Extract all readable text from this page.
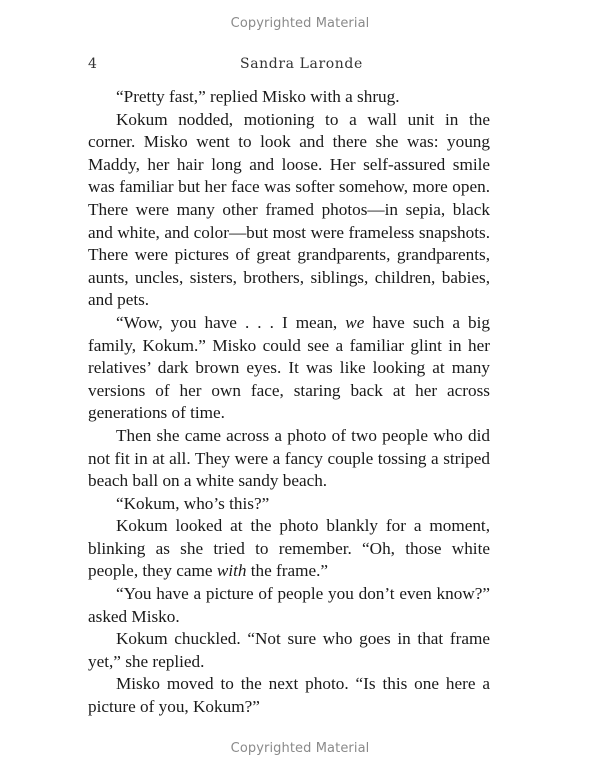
Copyrighted Material
4	Sandra Laronde

“Pretty fast,” replied Misko with a shrug.

Kokum nodded, motioning to a wall unit in the corner. Misko went to look and there she was: young Maddy, her hair long and loose. Her self-assured smile was familiar but her face was softer somehow, more open. There were many other framed photos—in sepia, black and white, and color—but most were frameless snapshots. There were pictures of great grandparents, grandparents, aunts, uncles, sisters, brothers, siblings, children, babies, and pets.

“Wow, you have . . . I mean, we have such a big family, Kokum.” Misko could see a familiar glint in her relatives’ dark brown eyes. It was like looking at many versions of her own face, staring back at her across generations of time.

Then she came across a photo of two people who did not fit in at all. They were a fancy couple tossing a striped beach ball on a white sandy beach.

“Kokum, who’s this?”

Kokum looked at the photo blankly for a moment, blinking as she tried to remember. “Oh, those white people, they came with the frame.”

“You have a picture of people you don’t even know?” asked Misko.

Kokum chuckled. “Not sure who goes in that frame yet,” she replied.

Misko moved to the next photo. “Is this one here a picture of you, Kokum?”

Copyrighted Material
